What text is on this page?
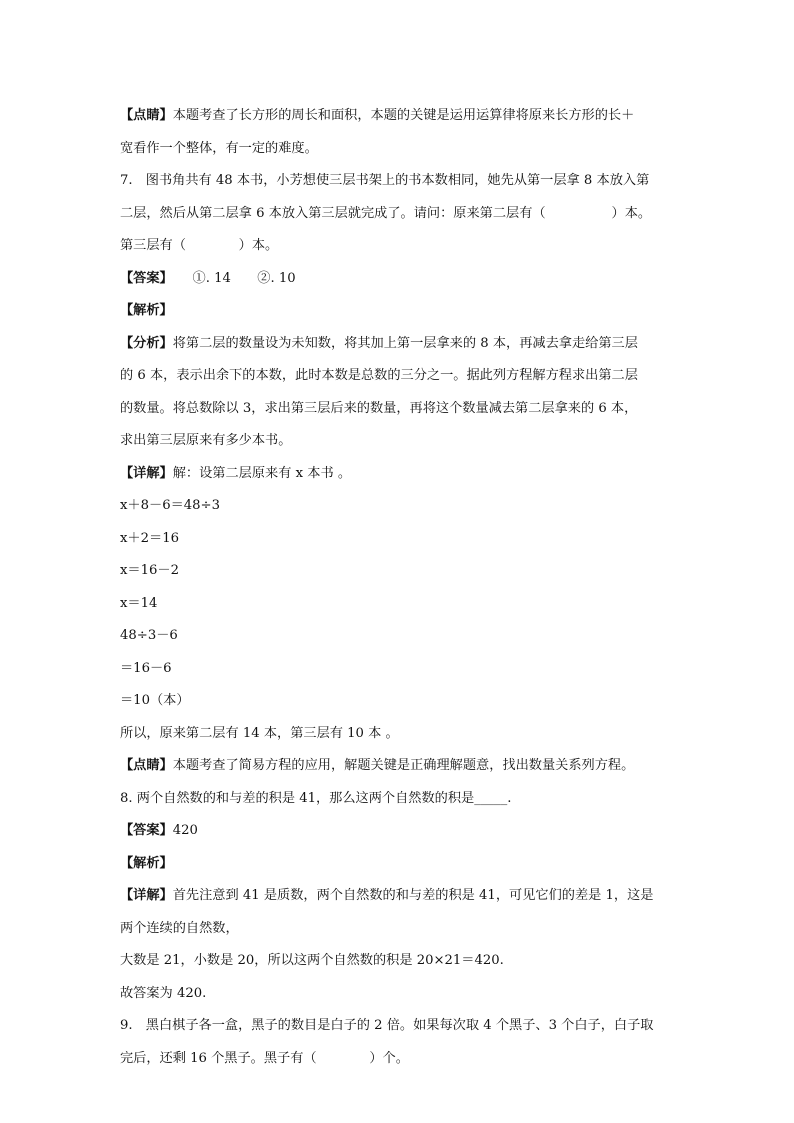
【点睛】本题考查了长方形的周长和面积，本题的关键是运用运算律将原来长方形的长＋

宽看作一个整体，有一定的难度。

7.　图书角共有 48 本书，小芳想使三层书架上的书本数相同，她先从第一层拿 8 本放入第

二层，然后从第二层拿 6 本放入第三层就完成了。请问：原来第二层有（　　　　　）本。

第三层有（　　　　）本。

【答案】　　①. 14　　②. 10

【解析】

【分析】将第二层的数量设为未知数，将其加上第一层拿来的 8 本，再减去拿走给第三层

的 6 本，表示出余下的本数，此时本数是总数的三分之一。据此列方程解方程求出第二层

的数量。将总数除以 3，求出第三层后来的数量，再将这个数量减去第二层拿来的 6 本，

求出第三层原来有多少本书。

【详解】解：设第二层原来有 x 本书 。

x＋8－6＝48÷3

x＋2＝16

x＝16－2

x＝14

48÷3－6

＝16－6

＝10（本）

所以，原来第二层有 14 本，第三层有 10 本 。

【点睛】本题考查了简易方程的应用，解题关键是正确理解题意，找出数量关系列方程。

8. 两个自然数的和与差的积是 41，那么这两个自然数的积是_____.

【答案】420

【解析】

【详解】首先注意到 41 是质数，两个自然数的和与差的积是 41，可见它们的差是 1，这是

两个连续的自然数，

大数是 21，小数是 20，所以这两个自然数的积是 20×21＝420.

故答案为 420.

9.　黑白棋子各一盒，黑子的数目是白子的 2 倍。如果每次取 4 个黑子、3 个白子，白子取

完后，还剩 16 个黑子。黑子有（　　　　）个。
